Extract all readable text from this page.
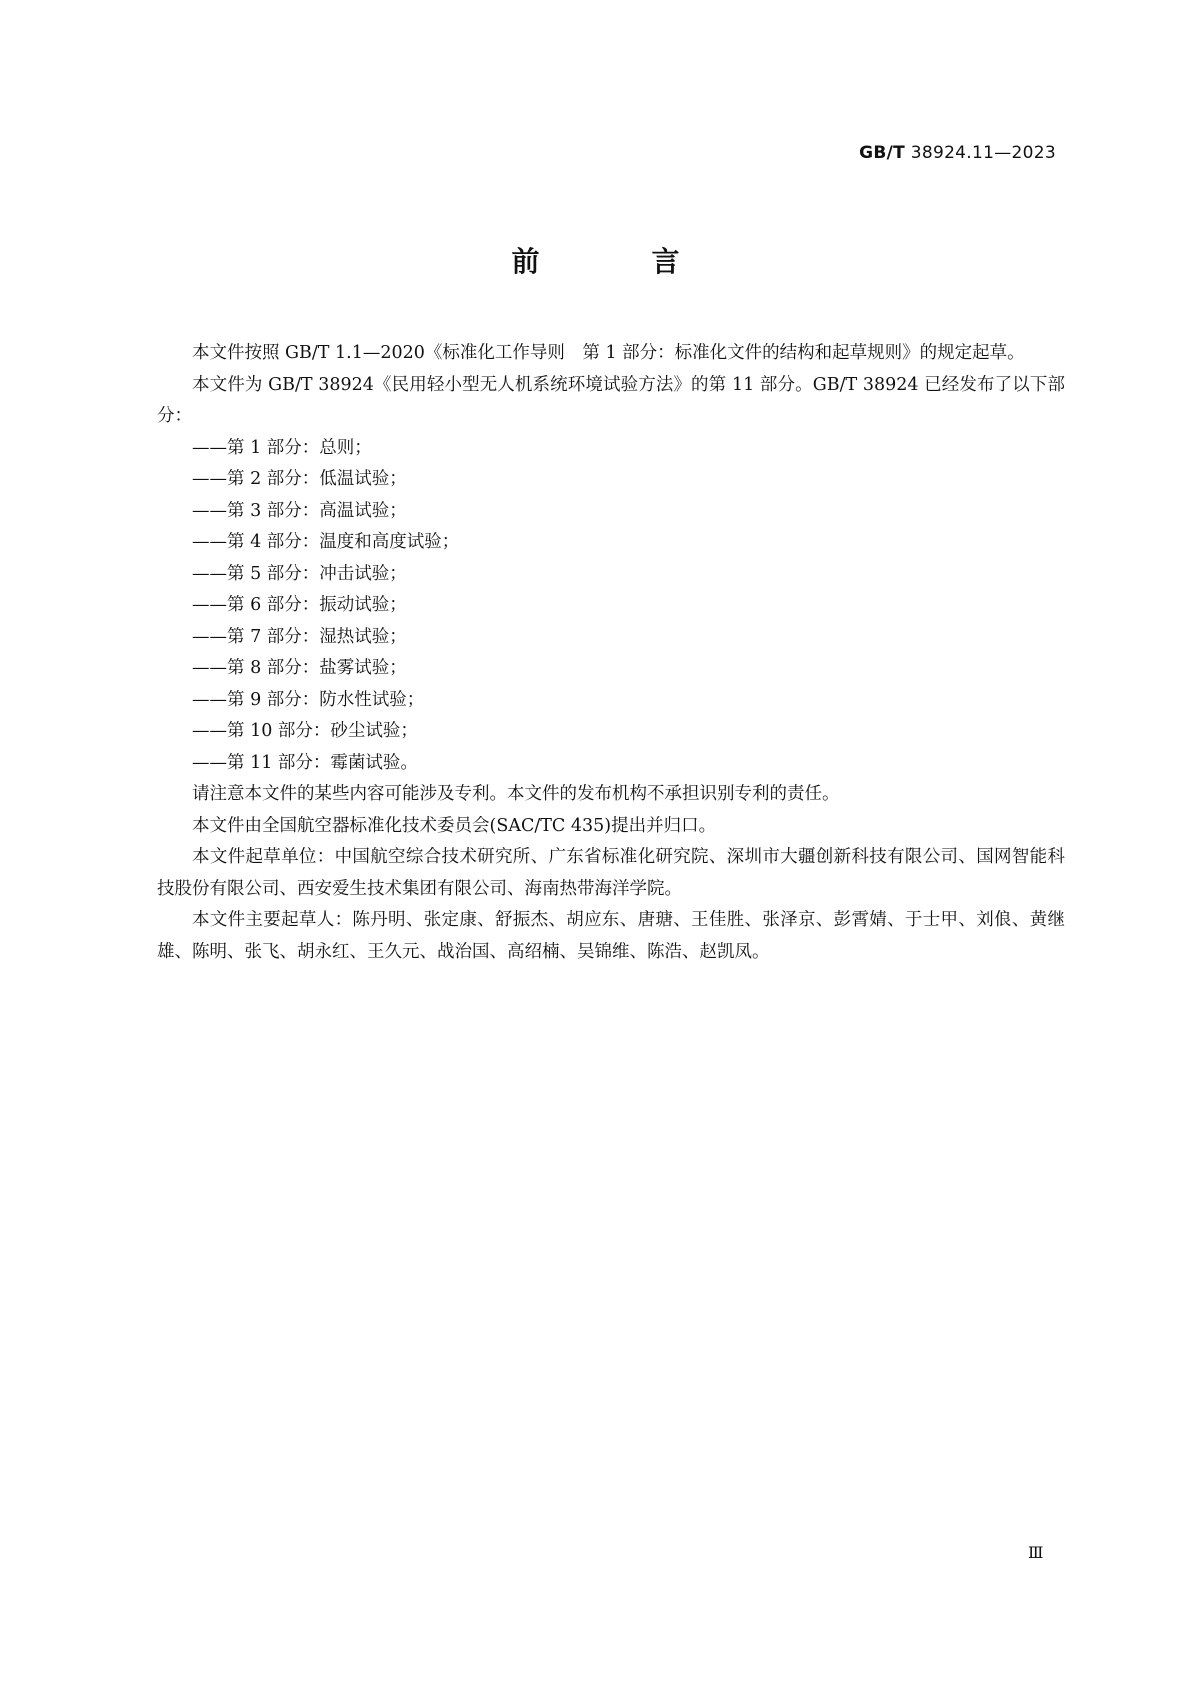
GB/T 38924.11—2023
前　言

本文件按照 GB/T 1.1—2020《标准化工作导则　第 1 部分：标准化文件的结构和起草规则》的规定起草。

本文件为 GB/T 38924《民用轻小型无人机系统环境试验方法》的第 11 部分。GB/T 38924 已经发布了以下部分：

——第 1 部分：总则；

——第 2 部分：低温试验；

——第 3 部分：高温试验；

——第 4 部分：温度和高度试验；

——第 5 部分：冲击试验；

——第 6 部分：振动试验；

——第 7 部分：湿热试验；

——第 8 部分：盐雾试验；

——第 9 部分：防水性试验；

——第 10 部分：砂尘试验；

——第 11 部分：霉菌试验。

请注意本文件的某些内容可能涉及专利。本文件的发布机构不承担识别专利的责任。

本文件由全国航空器标准化技术委员会(SAC/TC 435)提出并归口。

本文件起草单位：中国航空综合技术研究所、广东省标准化研究院、深圳市大疆创新科技有限公司、国网智能科技股份有限公司、西安爱生技术集团有限公司、海南热带海洋学院。

本文件主要起草人：陈丹明、张定康、舒振杰、胡应东、唐瑭、王佳胜、张泽京、彭霄婧、于士甲、刘俍、黄继雄、陈明、张飞、胡永红、王久元、战治国、高绍楠、吴锦维、陈浩、赵凯凤。

Ⅲ
